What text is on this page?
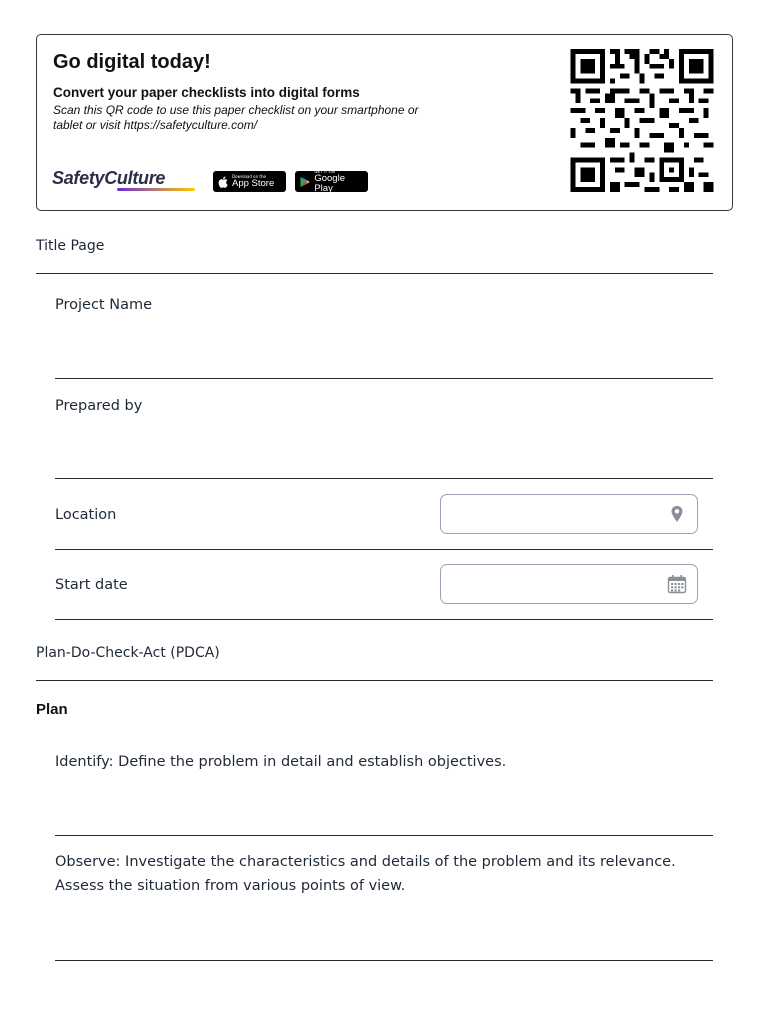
Go digital today!
Convert your paper checklists into digital forms
Scan this QR code to use this paper checklist on your smartphone or tablet or visit https://safetyculture.com/
SafetyCulture	Download on the
App Store
GET IT ON
Google Play
Title Page
Project Name
Prepared by
Location
Start date
Plan-Do-Check-Act (PDCA)
Plan
Identify: Define the problem in detail and establish objectives.
Observe: Investigate the characteristics and details of the problem and its relevance.
Assess the situation from various points of view.
